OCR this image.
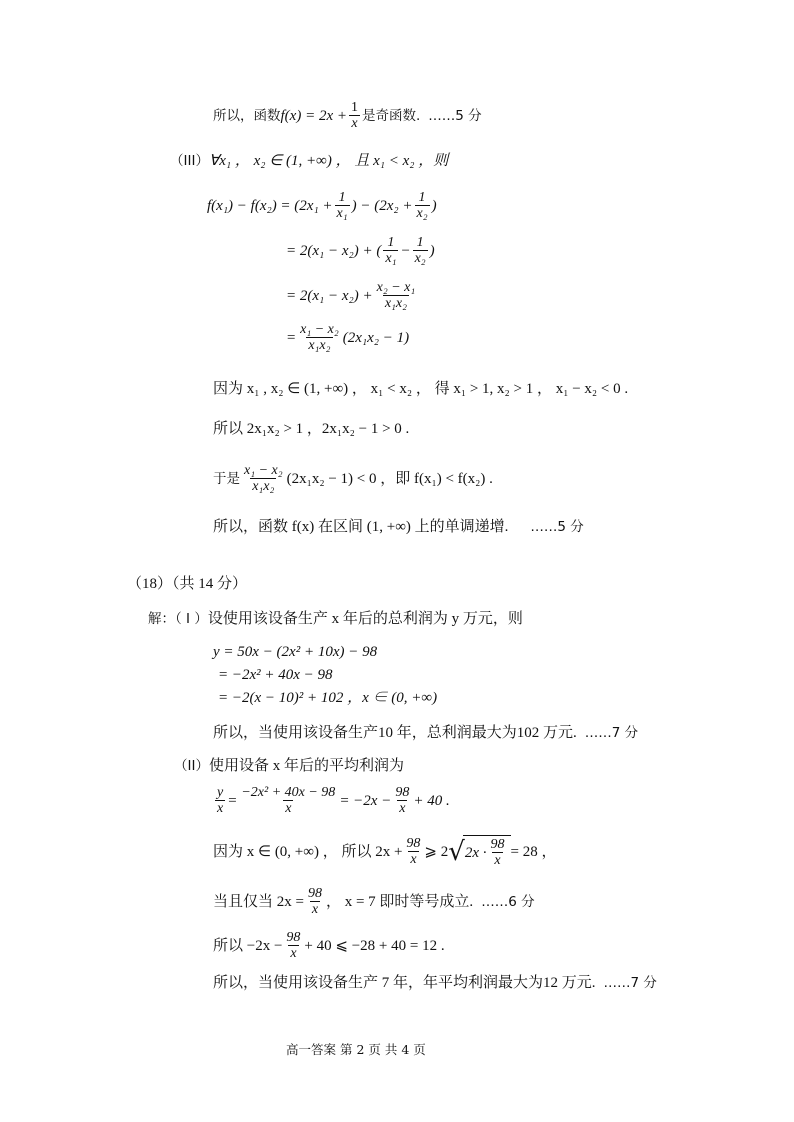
所以，函数 $f(x) = 2x + \frac{1}{x}$ 是奇函数. ……5 分
（III） ∀x₁ ， x₂ ∈ (1, +∞) ， 且 x₁ < x₂ ，则
$f(x_1) - f(x_2) = (2x_1 + \frac{1}{\text{x₁}}$ ) − ($2x_2 + \frac{1}{\text{x₂}}$ )
= 2(x₁ − x₂) + ( $\frac{1}{\text{x₁}} - \frac{1}{\text{x₂}}$ )
= $2(x_1 - x_2) + \frac{\text{x₂ − x₁}}{\text{x₁x₂}}$
= $\frac{\text{x₁ − x₂}}{\text{x₁x₂}} (2x_1x_2 - 1)$
因为 x₁ , x₂ ∈ (1, +∞) ， x₁ < x₂ ， 得 x₁ > 1, x₂ > 1 ， x₁ − x₂ < 0 .
所以 2x₁x₂ > 1 ，2x₁x₂ − 1 > 0 .
于是 $\frac{\text{x₁ − x₂}}{\text{x₁x₂}} (2x_1x_2 - 1) < 0$ ，即 f(x₁) < f(x₂) .
所以，函数 f(x) 在区间 (1, +∞) 上的单调递增. ……5 分
（18）（共 14 分）
解：（ I ） 设使用该设备生产 x 年后的总利润为 y 万元，则
y = 50x − (2x² + 10x) − 98
= −2x² + 40x − 98
= −2(x − 10)² + 102 ，x ∈ (0, +∞)
所以，当使用该设备生产10 年，总利润最大为102 万元. ……7 分
（II） 使用设备 x 年后的平均利润为
$\frac{y}{x} = \frac{\text{−2x² + 40x − 98}}{x} = -2x - \frac{98}{x} + 40$ .
因为 x ∈ (0, +∞) ， 所以 $2x + \frac{98}{x}$ ⩾ 2 √ $2x \cdot \frac{98}{x} = 28$ ，
当且仅当 $2x = \frac{98}{x}$ ， x = 7 即时等号成立. ……6 分
所以 $-2x - \frac{98}{x} + 40$ ⩽ −28 + 40 = 12 .
所以，当使用该设备生产 7 年，年平均利润最大为12 万元. ……7 分
高一答案 第 2 页 共 4 页
